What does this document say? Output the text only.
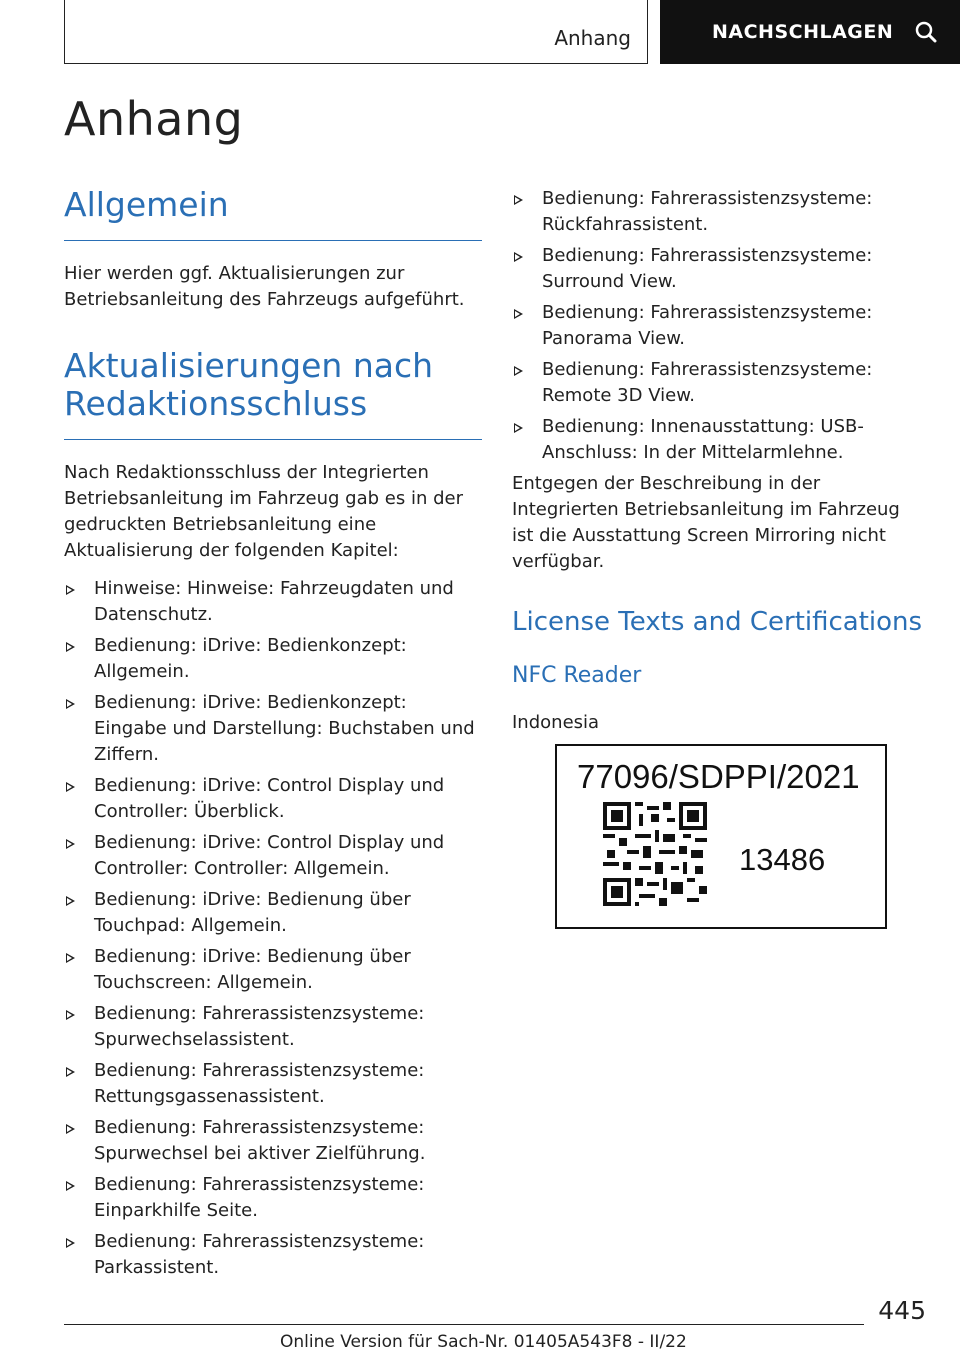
Anhang	NACHSCHLAGEN
Anhang
Allgemein

Hier werden ggf. Aktualisierungen zur Betriebsanleitung des Fahrzeugs aufgeführt.

Aktualisierungen nach
Redaktionsschluss

Nach Redaktionsschluss der Integrierten Betriebsanleitung im Fahrzeug gab es in der gedruckten Betriebsanleitung eine Aktualisierung der folgenden Kapitel:

Hinweise: Hinweise: Fahrzeugdaten und Datenschutz.
Bedienung: iDrive: Bedienkonzept: Allgemein.
Bedienung: iDrive: Bedienkonzept: Eingabe und Darstellung: Buchstaben und Ziffern.
Bedienung: iDrive: Control Display und Controller: Überblick.
Bedienung: iDrive: Control Display und Controller: Controller: Allgemein.
Bedienung: iDrive: Bedienung über Touchpad: Allgemein.
Bedienung: iDrive: Bedienung über Touchscreen: Allgemein.
Bedienung: Fahrerassistenzsysteme: Spurwechselassistent.
Bedienung: Fahrerassistenzsysteme: Rettungsgassenassistent.
Bedienung: Fahrerassistenzsysteme: Spurwechsel bei aktiver Zielführung.
Bedienung: Fahrerassistenzsysteme: Einparkhilfe Seite.
Bedienung: Fahrerassistenzsysteme: Parkassistent.
Bedienung: Fahrerassistenzsysteme: Rückfahrassistent.
Bedienung: Fahrerassistenzsysteme: Surround View.
Bedienung: Fahrerassistenzsysteme: Panorama View.
Bedienung: Fahrerassistenzsysteme: Remote 3D View.
Bedienung: Innenausstattung: USB-Anschluss: In der Mittelarmlehne.

Entgegen der Beschreibung in der Integrierten Betriebsanleitung im Fahrzeug ist die Ausstattung Screen Mirroring nicht verfügbar.

License Texts and Certifications
NFC Reader

Indonesia

77096/SDPPI/2021
13486
445
Online Version für Sach-Nr. 01405A543F8 - II/22
